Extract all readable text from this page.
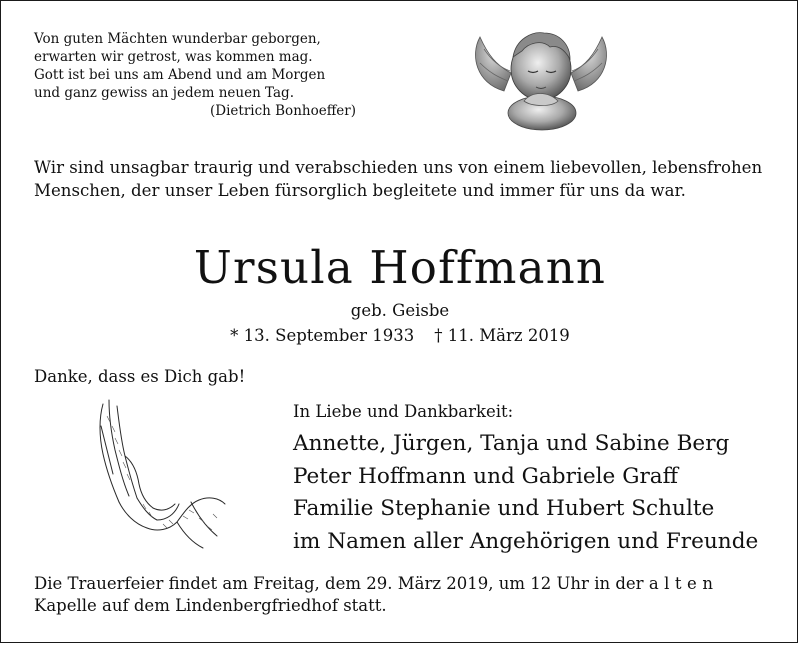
Von guten Mächten wunderbar geborgen,
erwarten wir getrost, was kommen mag.
Gott ist bei uns am Abend und am Morgen
und ganz gewiss an jedem neuen Tag.
(Dietrich Bonhoeffer)
Wir sind unsagbar traurig und verabschieden uns von einem liebevollen, lebensfrohen Menschen, der unser Leben fürsorglich begleitete und immer für uns da war.
Ursula Hoffmann
geb. Geisbe
* 13. September 1933 † 11. März 2019
Danke, dass es Dich gab!
In Liebe und Dankbarkeit:
Annette, Jürgen, Tanja und Sabine Berg
Peter Hoffmann und Gabriele Graff
Familie Stephanie und Hubert Schulte
im Namen aller Angehörigen und Freunde
Die Trauerfeier findet am Freitag, dem 29. März 2019, um 12 Uhr in der alten Kapelle auf dem Lindenbergfriedhof statt.
